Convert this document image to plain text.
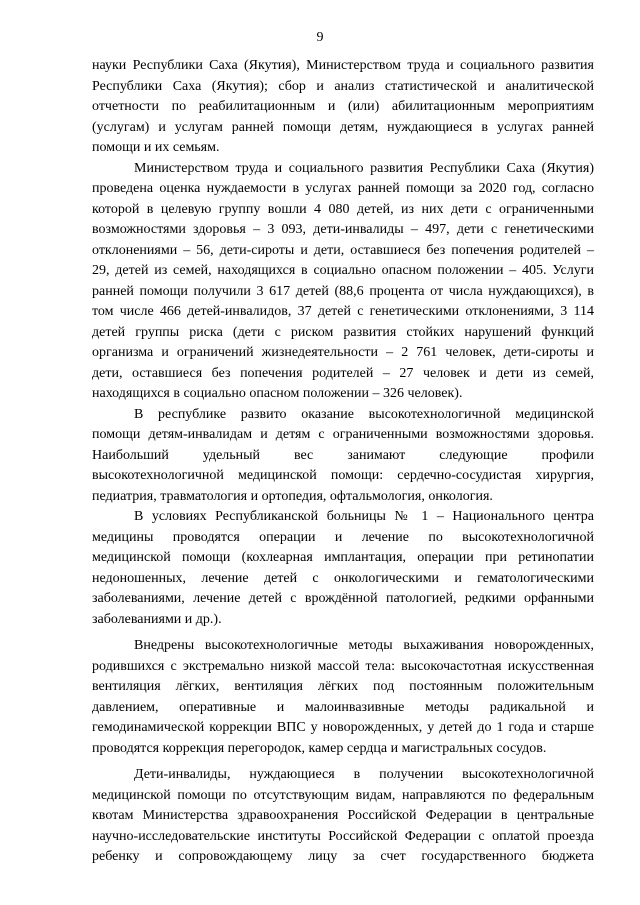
9

науки Республики Саха (Якутия), Министерством труда и социального развития
Республики Саха (Якутия); сбор и анализ статистической и аналитической
отчетности по реабилитационным и (или) абилитационным мероприятиям
(услугам) и услугам ранней помощи детям, нуждающиеся в услугах ранней
помощи и их семьям.

Министерством труда и социального развития Республики Саха (Якутия)
проведена оценка нуждаемости в услугах ранней помощи за 2020 год, согласно
которой в целевую группу вошли 4 080 детей, из них дети с ограниченными
возможностями здоровья – 3 093, дети-инвалиды – 497, дети с генетическими
отклонениями – 56, дети-сироты и дети, оставшиеся без попечения родителей –
29, детей из семей, находящихся в социально опасном положении – 405. Услуги
ранней помощи получили 3 617 детей (88,6 процента от числа нуждающихся), в
том числе 466 детей-инвалидов, 37 детей с генетическими отклонениями, 3 114
детей группы риска (дети с риском развития стойких нарушений функций
организма и ограничений жизнедеятельности – 2 761 человек, дети-сироты и
дети, оставшиеся без попечения родителей – 27 человек и дети из семей,
находящихся в социально опасном положении – 326 человек).

В республике развито оказание высокотехнологичной медицинской
помощи детям-инвалидам и детям с ограниченными возможностями здоровья.
Наибольший удельный вес занимают следующие профили
высокотехнологичной медицинской помощи: сердечно-сосудистая хирургия,
педиатрия, травматология и ортопедия, офтальмология, онкология.

В условиях Республиканской больницы № 1 – Национального центра
медицины проводятся операции и лечение по высокотехнологичной
медицинской помощи (кохлеарная имплантация, операции при ретинопатии
недоношенных, лечение детей с онкологическими и гематологическими
заболеваниями, лечение детей с врождённой патологией, редкими орфанными
заболеваниями и др.).

Внедрены высокотехнологичные методы выхаживания новорожденных,
родившихся с экстремально низкой массой тела: высокочастотная искусственная
вентиляция лёгких, вентиляция лёгких под постоянным положительным
давлением, оперативные и малоинвазивные методы радикальной и
гемодинамической коррекции ВПС у новорожденных, у детей до 1 года и старше
проводятся коррекция перегородок, камер сердца и магистральных сосудов.

Дети-инвалиды, нуждающиеся в получении высокотехнологичной
медицинской помощи по отсутствующим видам, направляются по федеральным
квотам Министерства здравоохранения Российской Федерации в центральные
научно-исследовательские институты Российской Федерации с оплатой проезда
ребенку и сопровождающему лицу за счет государственного бюджета
